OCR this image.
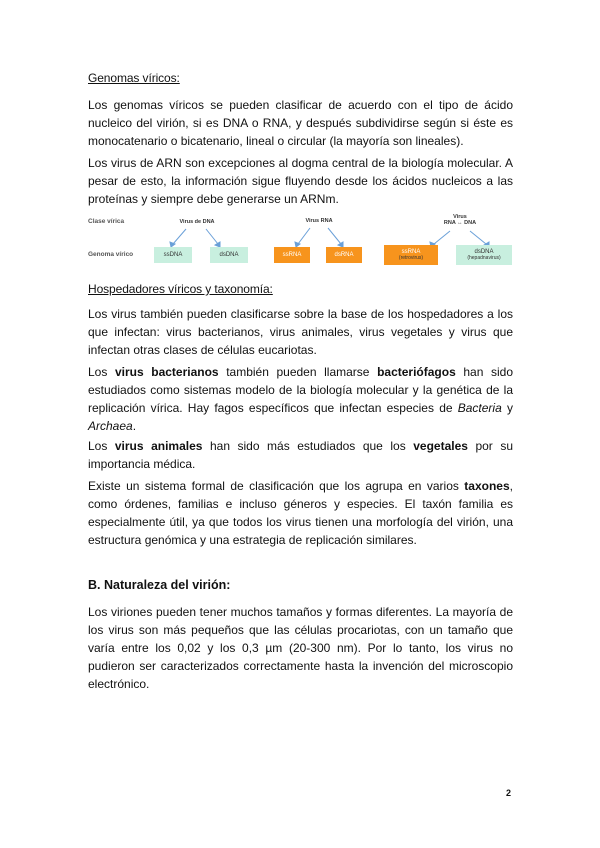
Genomas víricos:
Los genomas víricos se pueden clasificar de acuerdo con el tipo de ácido nucleico del virión, si es DNA o RNA, y después subdividirse según si éste es monocatenario o bicatenario, lineal o circular (la mayoría son lineales).
Los virus de ARN son excepciones al dogma central de la biología molecular. A pesar de esto, la información sigue fluyendo desde los ácidos nucleicos a las proteínas y siempre debe generarse un ARNm.
Clase vírica
Genoma vírico
Virus de DNA	Virus RNA
Virus
RNA ↔ DNA
ssDNA	dsDNA	ssRNA	dsRNA	ssRNA
(retrovirus)
dsDNA
(hepadnavirus)
Hospedadores víricos y taxonomía:
Los virus también pueden clasificarse sobre la base de los hospedadores a los que infectan: virus bacterianos, virus animales, virus vegetales y virus que infectan otras clases de células eucariotas.
Los virus bacterianos también pueden llamarse bacteriófagos han sido estudiados como sistemas modelo de la biología molecular y la genética de la replicación vírica. Hay fagos específicos que infectan especies de Bacteria y Archaea.
Los virus animales han sido más estudiados que los vegetales por su importancia médica.
Existe un sistema formal de clasificación que los agrupa en varios taxones, como órdenes, familias e incluso géneros y especies. El taxón familia es especialmente útil, ya que todos los virus tienen una morfología del virión, una estructura genómica y una estrategia de replicación similares.
B. Naturaleza del virión:
Los viriones pueden tener muchos tamaños y formas diferentes. La mayoría de los virus son más pequeños que las células procariotas, con un tamaño que varía entre los 0,02 y los 0,3 µm (20-300 nm). Por lo tanto, los virus no pudieron ser caracterizados correctamente hasta la invención del microscopio electrónico.
2
